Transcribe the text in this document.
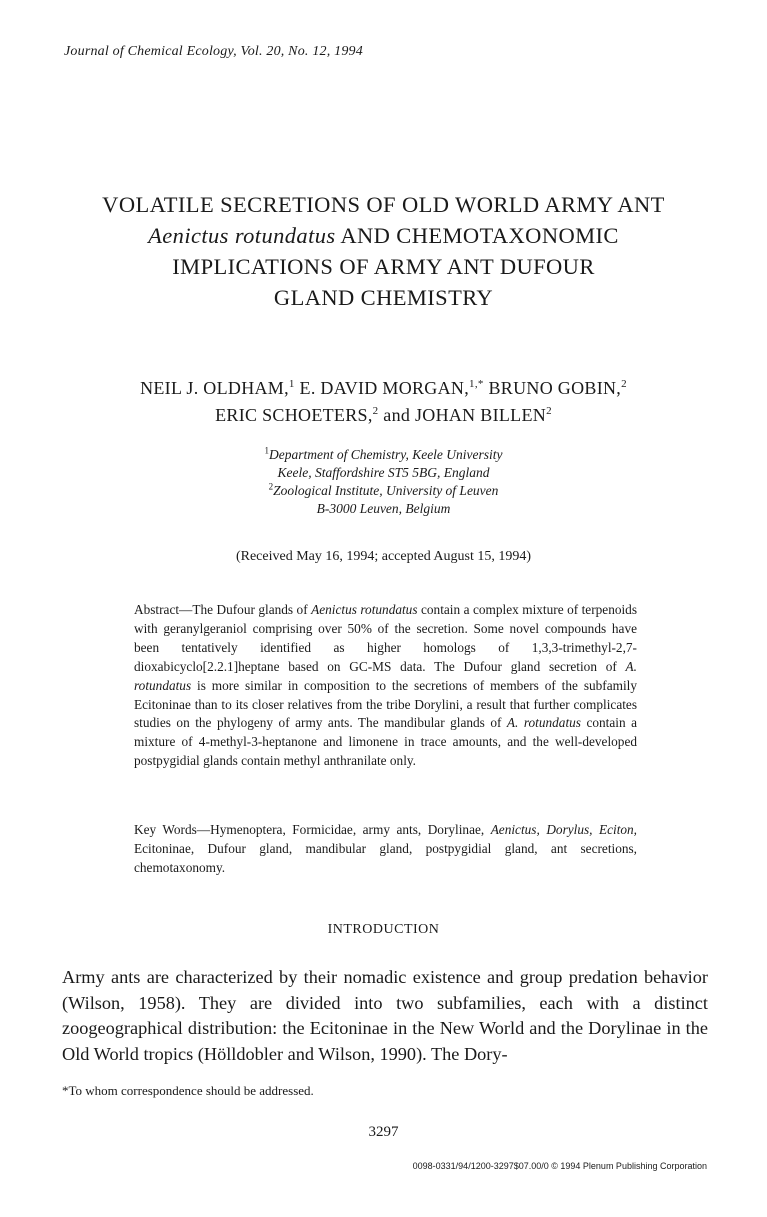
Journal of Chemical Ecology, Vol. 20, No. 12, 1994
VOLATILE SECRETIONS OF OLD WORLD ARMY ANT
Aenictus rotundatus AND CHEMOTAXONOMIC
IMPLICATIONS OF ARMY ANT DUFOUR
GLAND CHEMISTRY
NEIL J. OLDHAM,$^1$ E. DAVID MORGAN,$^{1,*}$ BRUNO GOBIN,$^2$
ERIC SCHOETERS,$^2$ and JOHAN BILLEN$^2$
$^1$Department of Chemistry, Keele University
Keele, Staffordshire ST5 5BG, England
$^2$Zoological Institute, University of Leuven
B-3000 Leuven, Belgium
(Received May 16, 1994; accepted August 15, 1994)
Abstract—The Dufour glands of Aenictus rotundatus contain a complex mixture of terpenoids with geranylgeraniol comprising over 50% of the secretion. Some novel compounds have been tentatively identified as higher homologs of 1,3,3-trimethyl-2,7-dioxabicyclo[2.2.1]heptane based on GC-MS data. The Dufour gland secretion of A. rotundatus is more similar in composition to the secretions of members of the subfamily Ecitoninae than to its closer relatives from the tribe Dorylini, a result that further complicates studies on the phylogeny of army ants. The mandibular glands of A. rotundatus contain a mixture of 4-methyl-3-heptanone and limonene in trace amounts, and the well-developed postpygidial glands contain methyl anthranilate only.
Key Words—Hymenoptera, Formicidae, army ants, Dorylinae, Aenictus, Dorylus, Eciton, Ecitoninae, Dufour gland, mandibular gland, postpygidial gland, ant secretions, chemotaxonomy.
INTRODUCTION
Army ants are characterized by their nomadic existence and group predation behavior (Wilson, 1958). They are divided into two subfamilies, each with a distinct zoogeographical distribution: the Ecitoninae in the New World and the Dorylinae in the Old World tropics (Hölldobler and Wilson, 1990). The Dory-
*To whom correspondence should be addressed.
3297
0098-0331/94/1200-3297$07.00/0 © 1994 Plenum Publishing Corporation
